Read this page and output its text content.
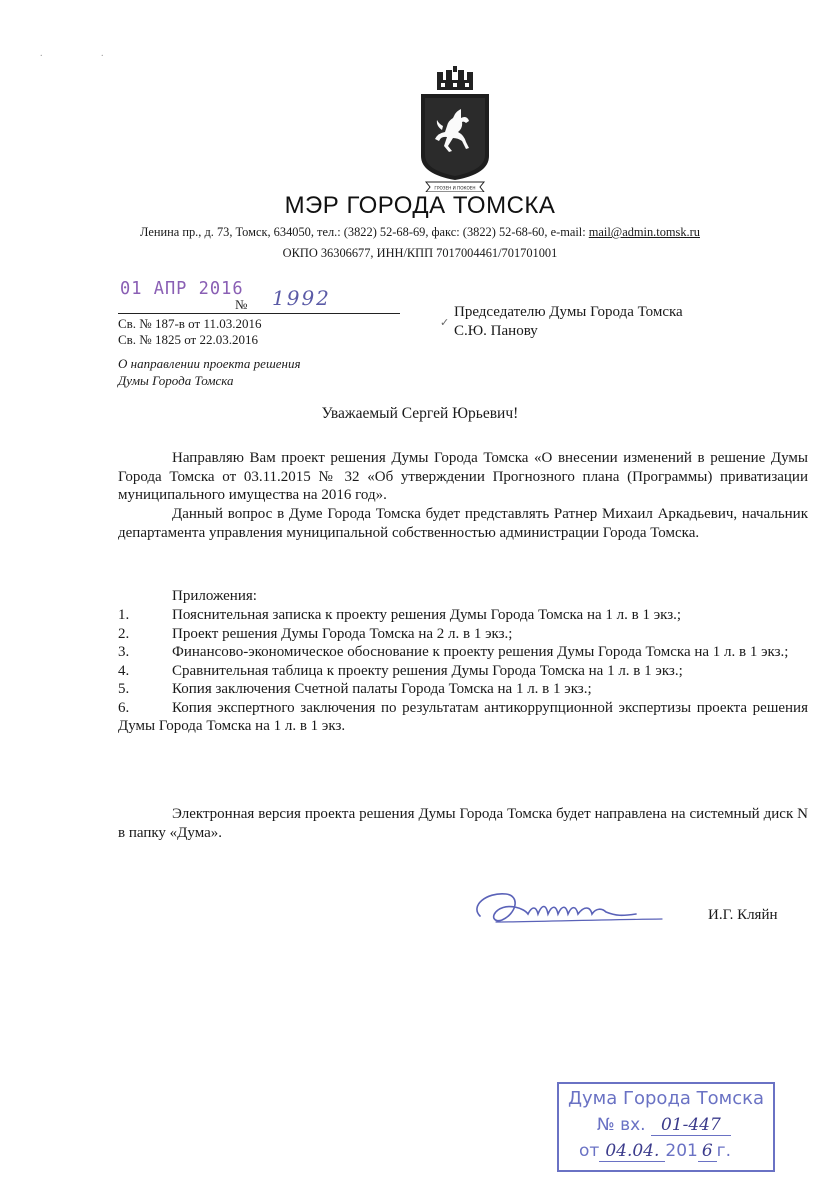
. .
ГРОЗЕН И ПОКОЕН
МЭР ГОРОДА ТОМСКА
Ленина пр., д. 73, Томск, 634050, тел.: (3822) 52-68-69, факс: (3822) 52-68-60, e-mail: mail@admin.tomsk.ru
ОКПО 36306677, ИНН/КПП 7017004461/701701001
01 АПР 2016
№ 1992
Св. № 187-в от 11.03.2016
Св. № 1825 от 22.03.2016
О направлении проекта решения
Думы Города Томска
✓
Председателю Думы Города Томска
С.Ю. Панову
Уважаемый Сергей Юрьевич!
Направляю Вам проект решения Думы Города Томска «О внесении изменений в решение Думы Города Томска от 03.11.2015 № 32 «Об утверждении Прогнозного плана (Программы) приватизации муниципального имущества на 2016 год».
Данный вопрос в Думе Города Томска будет представлять Ратнер Михаил Аркадьевич, начальник департамента управления муниципальной собственностью администрации Города Томска.
Приложения:
1.	Пояснительная записка к проекту решения Думы Города Томска на 1 л. в 1 экз.;
2.	Проект решения Думы Города Томска на 2 л. в 1 экз.;
3.	Финансово-экономическое обоснование к проекту решения Думы Города Томска на 1 л. в 1 экз.;
4.	Сравнительная таблица к проекту решения Думы Города Томска на 1 л. в 1 экз.;
5.	Копия заключения Счетной палаты Города Томска на 1 л. в 1 экз.;
6.	Копия экспертного заключения по результатам антикоррупционной экспертизы проекта решения Думы Города Томска на 1 л. в 1 экз.
Электронная версия проекта решения Думы Города Томска будет направлена на системный диск N в папку «Дума».
И.Г. Кляйн
Дума Города Томска
№ вх. 01-447
от 04.04. 201 6 г.
